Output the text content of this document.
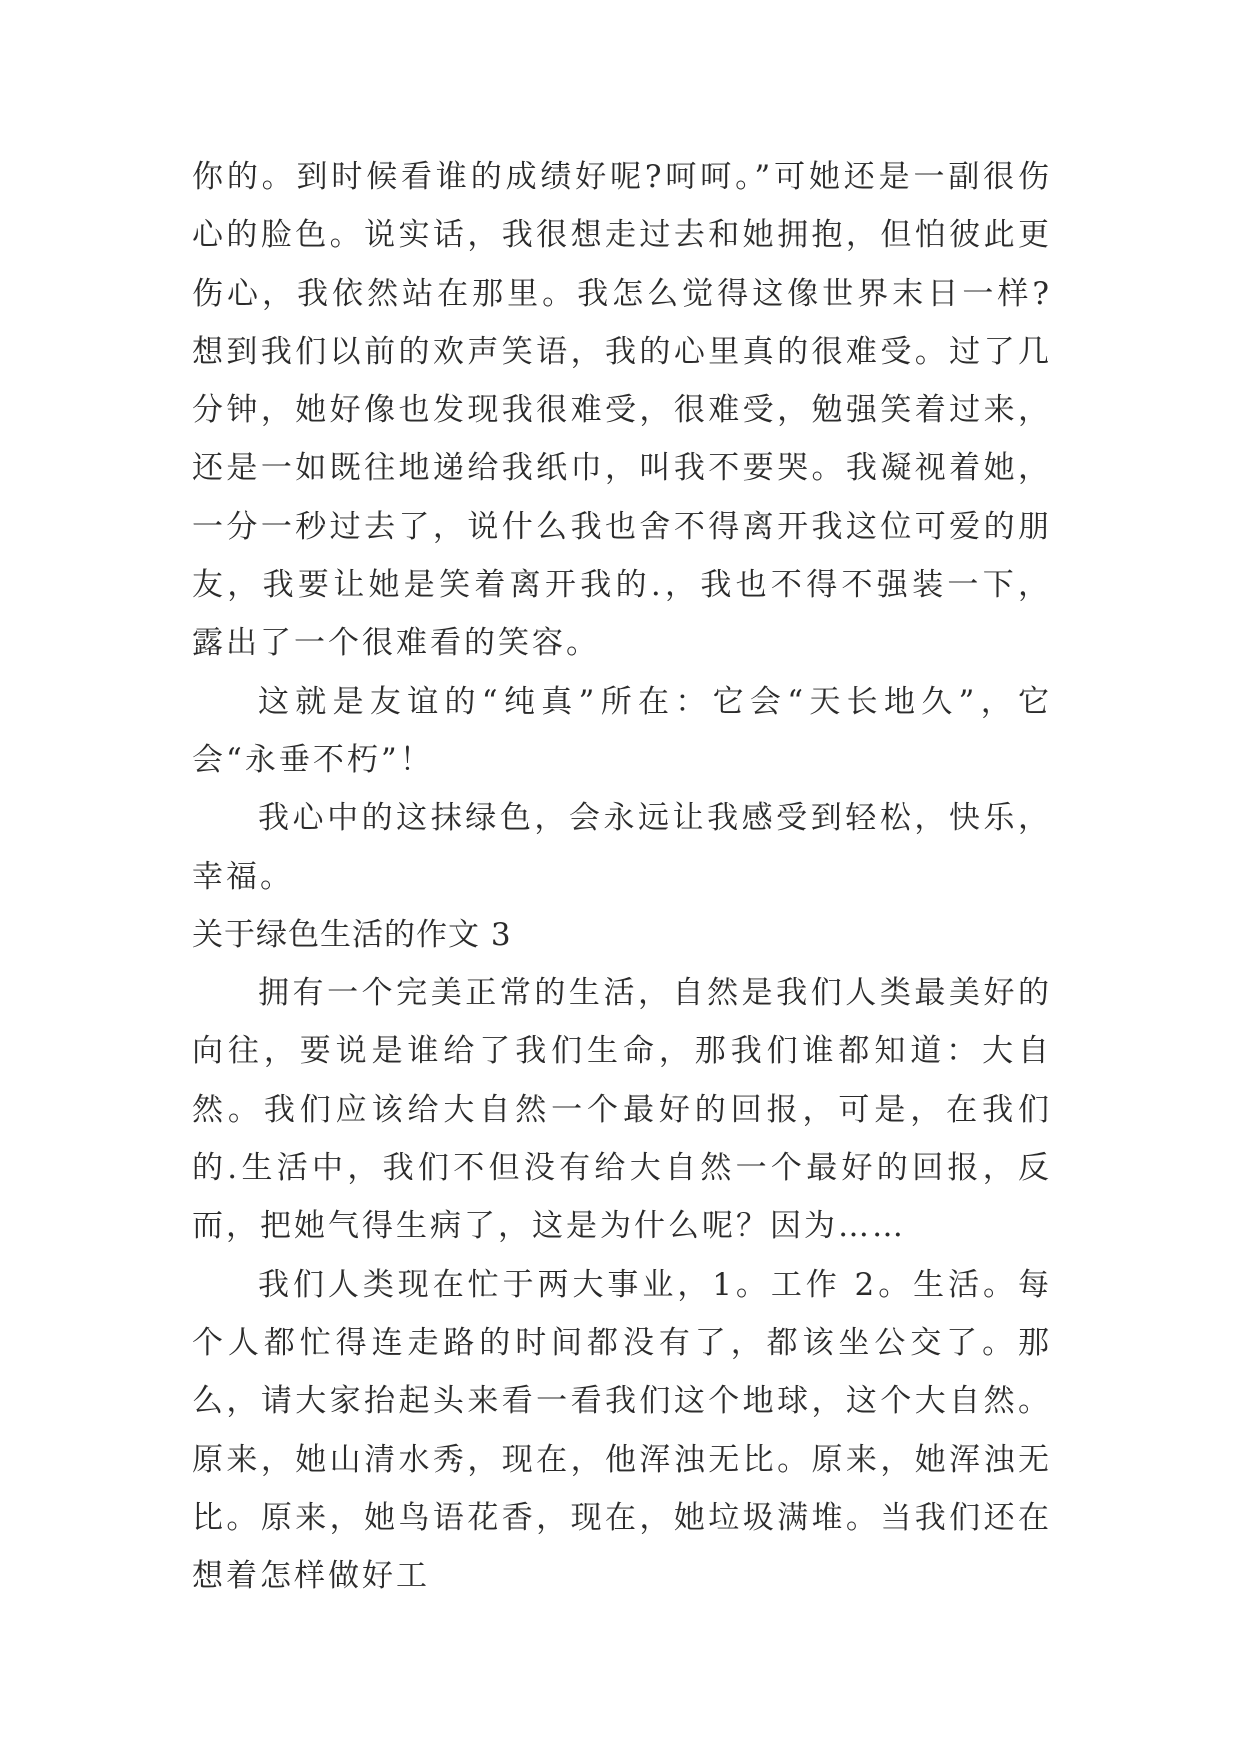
你的。到时候看谁的成绩好呢?呵呵。”可她还是一副很伤心的脸色。说实话，我很想走过去和她拥抱，但怕彼此更伤心，我依然站在那里。我怎么觉得这像世界末日一样?想到我们以前的欢声笑语，我的心里真的很难受。过了几分钟，她好像也发现我很难受，很难受，勉强笑着过来，还是一如既往地递给我纸巾，叫我不要哭。我凝视着她，一分一秒过去了，说什么我也舍不得离开我这位可爱的朋友，我要让她是笑着离开我的.，我也不得不强装一下，露出了一个很难看的笑容。

这就是友谊的“纯真”所在：它会“天长地久”，它会“永垂不朽”！

我心中的这抹绿色，会永远让我感受到轻松，快乐，幸福。

关于绿色生活的作文 3

拥有一个完美正常的生活，自然是我们人类最美好的向往，要说是谁给了我们生命，那我们谁都知道：大自然。我们应该给大自然一个最好的回报，可是，在我们的.生活中，我们不但没有给大自然一个最好的回报，反而，把她气得生病了，这是为什么呢？因为……

我们人类现在忙于两大事业，1。工作 2。生活。每个人都忙得连走路的时间都没有了，都该坐公交了。那么，请大家抬起头来看一看我们这个地球，这个大自然。原来，她山清水秀，现在，他浑浊无比。原来，她浑浊无比。原来，她鸟语花香，现在，她垃圾满堆。当我们还在想着怎样做好工
